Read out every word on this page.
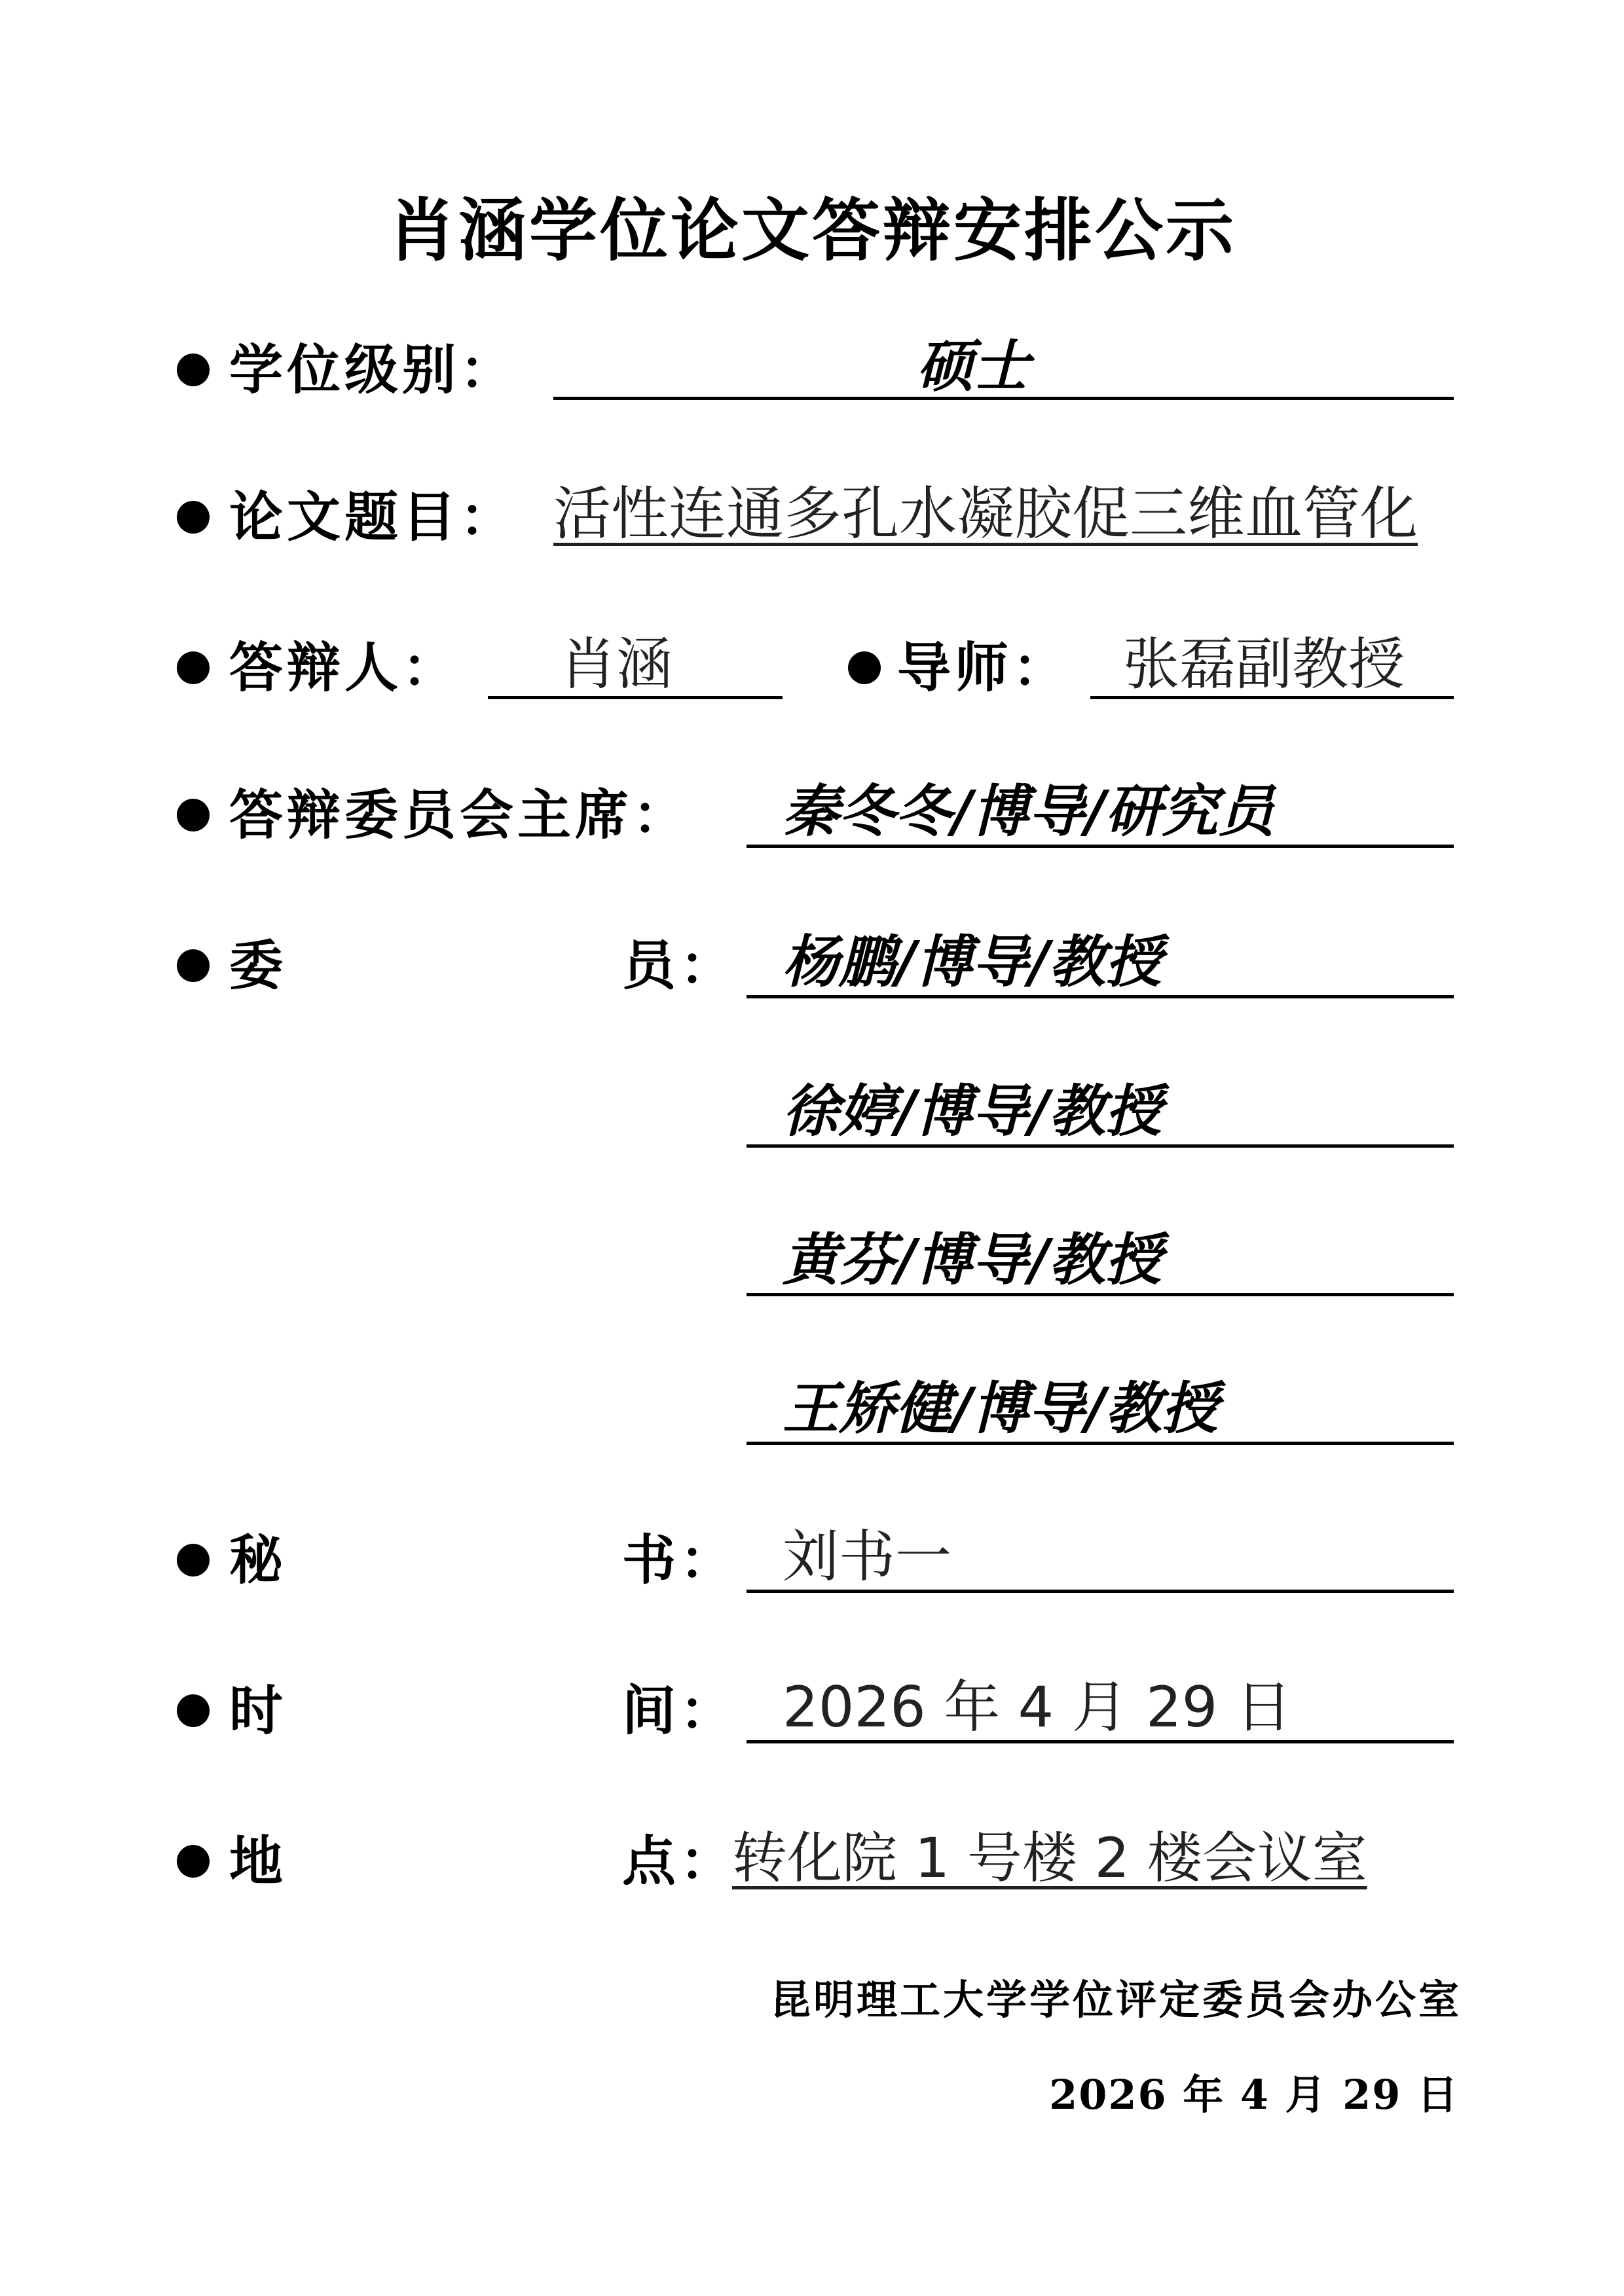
肖涵学位论文答辩安排公示
学位级别：	硕士
论文题目： 活性连通多孔水凝胶促三维血管化
答辩人： 肖涵	导师： 张磊副教授
答辩委员会主席： 秦冬冬/博导/研究员
委	员： 杨鹏/博导/教授
徐婷/博导/教授
黄芬/博导/教授
王矫健/博导/教授
秘	书： 刘书一
时	间： 2026 年 4 月 29 日
地	点：
转化院 1 号楼 2 楼会议室
昆明理工大学学位评定委员会办公室
2026 年 4 月 29 日
